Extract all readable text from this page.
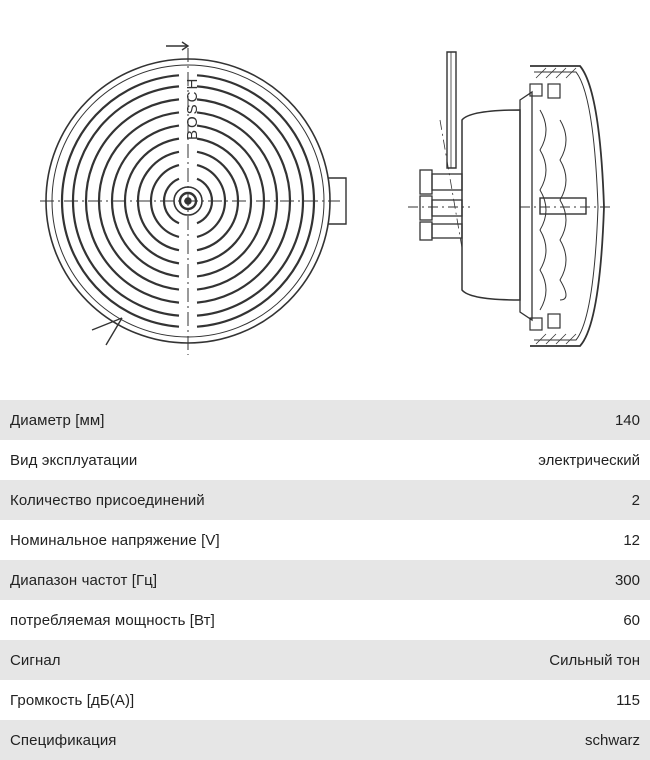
BOSCH
Диаметр [мм]	140
Вид эксплуатации	электрический
Количество присоединений	2
Номинальное напряжение [V]	12
Диапазон частот [Гц]	300
потребляемая мощность [Вт]	60
Сигнал	Сильный тон
Громкость [дБ(А)]	115
Спецификация	schwarz
